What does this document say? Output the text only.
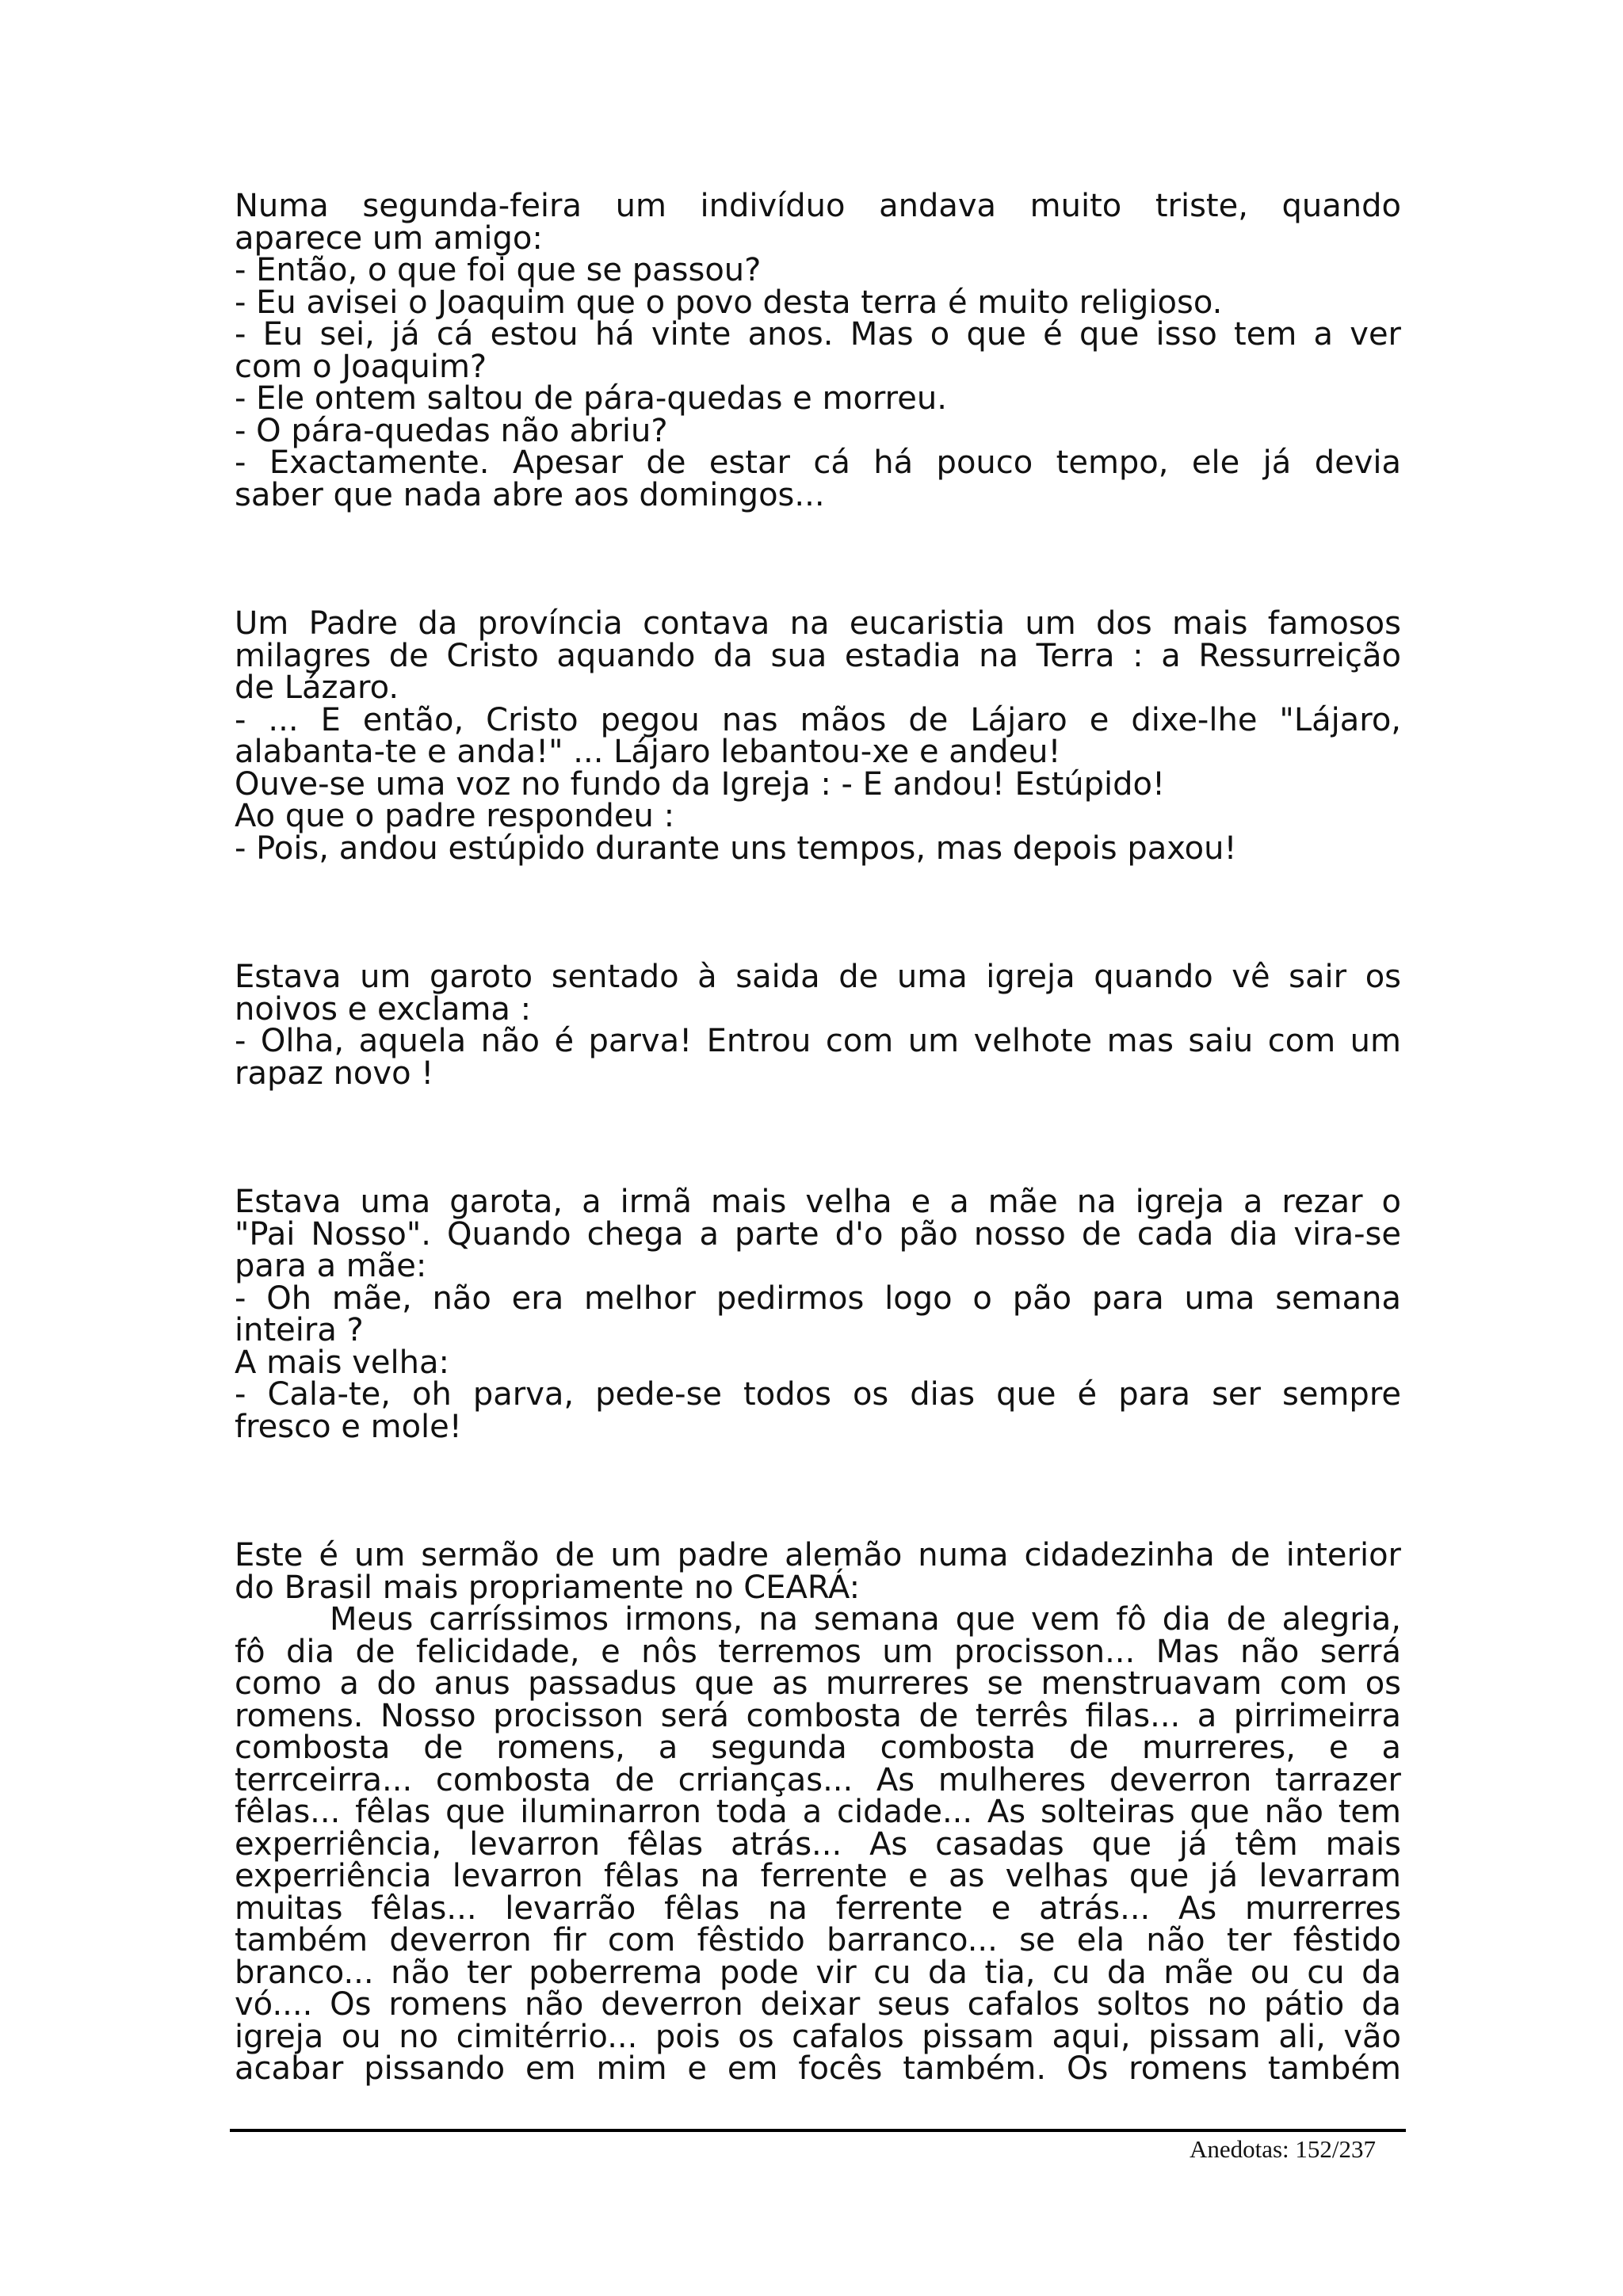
Numa segunda-feira um indivíduo andava muito triste, quando
aparece um amigo:
- Então, o que foi que se passou?
- Eu avisei o Joaquim que o povo desta terra é muito religioso.
- Eu sei, já cá estou há vinte anos. Mas o que é que isso tem a ver
com o Joaquim?
- Ele ontem saltou de pára-quedas e morreu.
- O pára-quedas não abriu?
- Exactamente. Apesar de estar cá há pouco tempo, ele já devia
saber que nada abre aos domingos...
Um Padre da província contava na eucaristia um dos mais famosos
milagres de Cristo aquando da sua estadia na Terra : a Ressurreição
de Lázaro.
- ... E então, Cristo pegou nas mãos de Lájaro e dixe-lhe "Lájaro,
alabanta-te e anda!" ... Lájaro lebantou-xe e andeu!
Ouve-se uma voz no fundo da Igreja : - E andou! Estúpido!
Ao que o padre respondeu :
- Pois, andou estúpido durante uns tempos, mas depois paxou!
Estava um garoto sentado à saida de uma igreja quando vê sair os
noivos e exclama :
- Olha, aquela não é parva! Entrou com um velhote mas saiu com um
rapaz novo !
Estava uma garota, a irmã mais velha e a mãe na igreja a rezar o
"Pai Nosso". Quando chega a parte d'o pão nosso de cada dia vira-se
para a mãe:
- Oh mãe, não era melhor pedirmos logo o pão para uma semana
inteira ?
A mais velha:
- Cala-te, oh parva, pede-se todos os dias que é para ser sempre
fresco e mole!
Este é um sermão de um padre alemão numa cidadezinha de interior
do Brasil mais propriamente no CEARÁ:
Meus carríssimos irmons, na semana que vem fô dia de alegria,
fô dia de felicidade, e nôs terremos um procisson... Mas não serrá
como a do anus passadus que as murreres se menstruavam com os
romens. Nosso procisson será combosta de terrês filas... a pirrimeirra
combosta de romens, a segunda combosta de murreres, e a
terrceirra... combosta de crrianças... As mulheres deverron tarrazer
fêlas... fêlas que iluminarron toda a cidade... As solteiras que não tem
experriência, levarron fêlas atrás... As casadas que já têm mais
experriência levarron fêlas na ferrente e as velhas que já levarram
muitas fêlas... levarrão fêlas na ferrente e atrás... As murrerres
também deverron fir com fêstido barranco... se ela não ter fêstido
branco... não ter poberrema pode vir cu da tia, cu da mãe ou cu da
vó.... Os romens não deverron deixar seus cafalos soltos no pátio da
igreja ou no cimitérrio... pois os cafalos pissam aqui, pissam ali, vão
acabar pissando em mim e em focês também. Os romens também
Anedotas: 152/237
